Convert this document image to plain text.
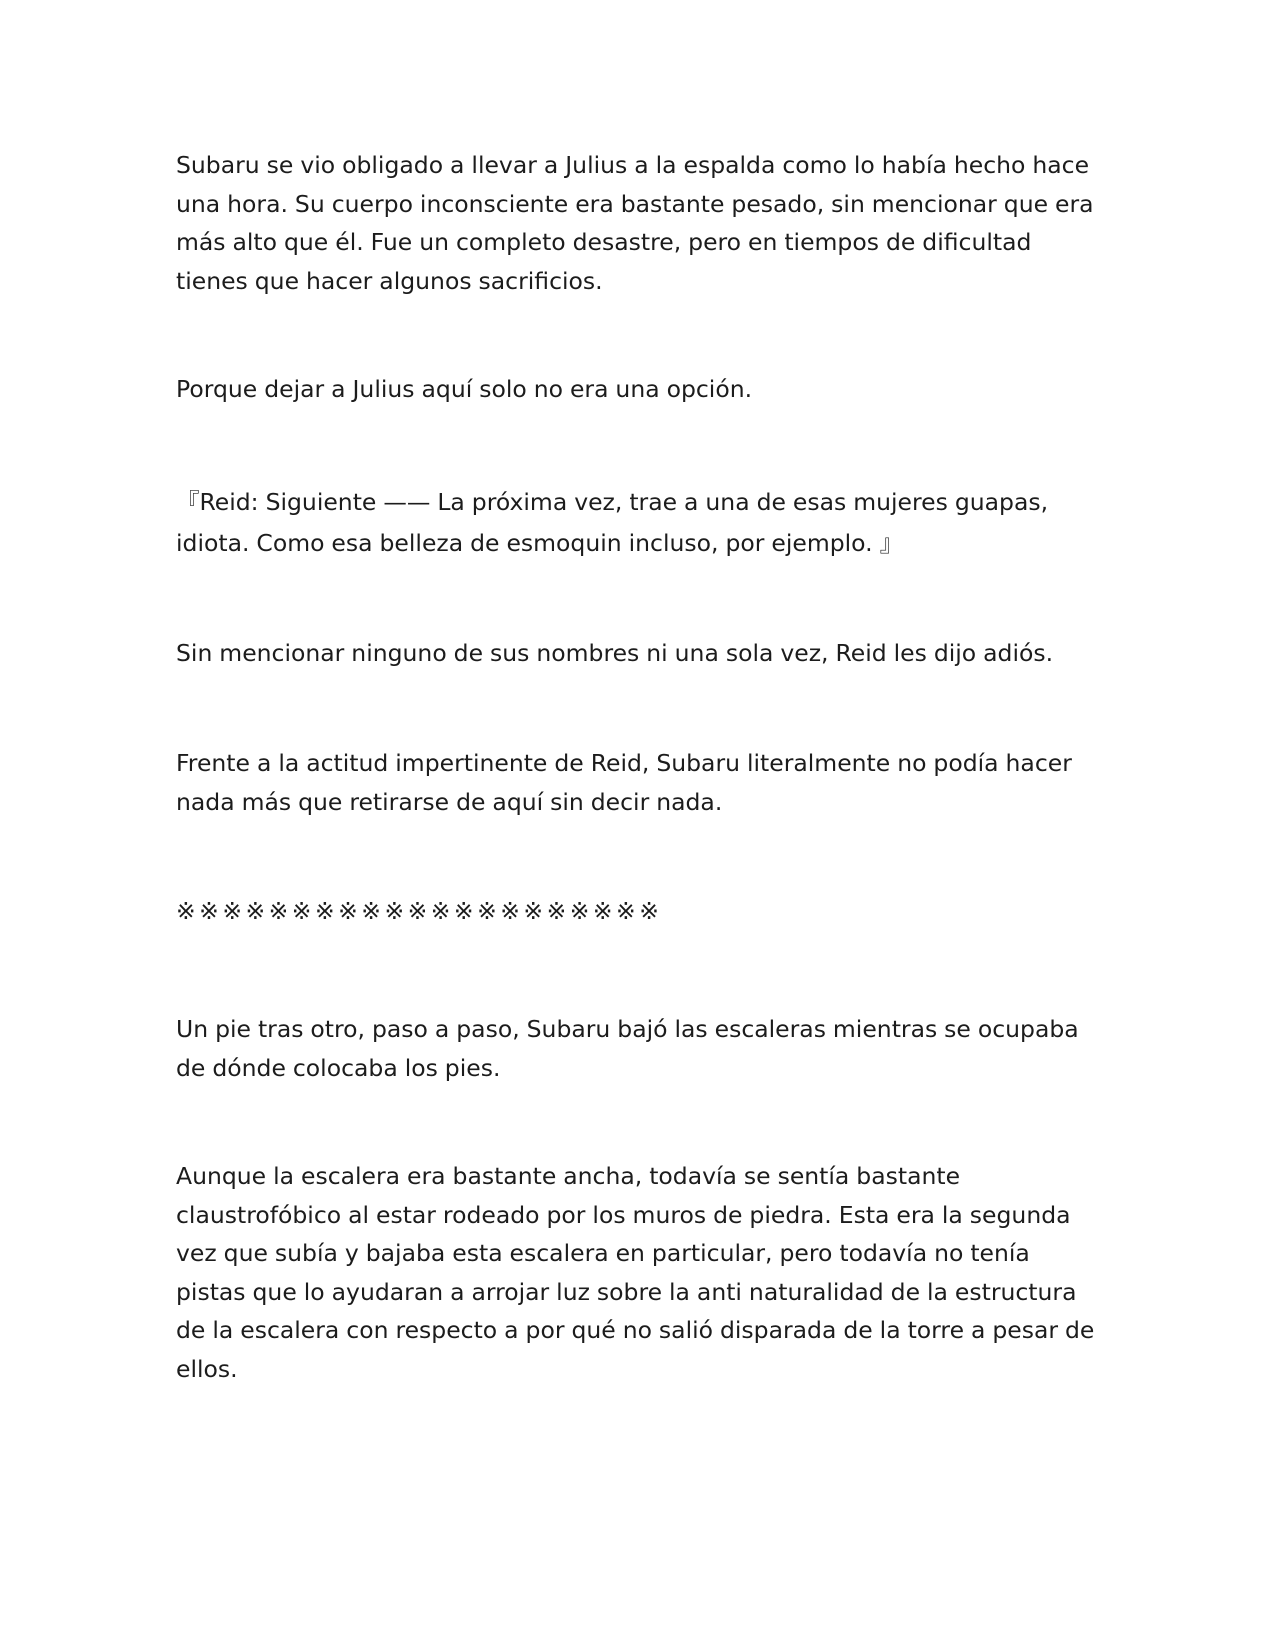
Subaru se vio obligado a llevar a Julius a la espalda como lo había hecho hace una hora. Su cuerpo inconsciente era bastante pesado, sin mencionar que era más alto que él. Fue un completo desastre, pero en tiempos de dificultad tienes que hacer algunos sacrificios.

Porque dejar a Julius aquí solo no era una opción.

『Reid: Siguiente —— La próxima vez, trae a una de esas mujeres guapas, idiota. Como esa belleza de esmoquin incluso, por ejemplo. 』

Sin mencionar ninguno de sus nombres ni una sola vez, Reid les dijo adiós.

Frente a la actitud impertinente de Reid, Subaru literalmente no podía hacer nada más que retirarse de aquí sin decir nada.

※ ※ ※ ※ ※ ※ ※ ※ ※ ※ ※ ※ ※ ※ ※ ※ ※ ※ ※ ※ ※

Un pie tras otro, paso a paso, Subaru bajó las escaleras mientras se ocupaba de dónde colocaba los pies.

Aunque la escalera era bastante ancha, todavía se sentía bastante claustrofóbico al estar rodeado por los muros de piedra. Esta era la segunda vez que subía y bajaba esta escalera en particular, pero todavía no tenía pistas que lo ayudaran a arrojar luz sobre la anti naturalidad de la estructura de la escalera con respecto a por qué no salió disparada de la torre a pesar de ellos.
